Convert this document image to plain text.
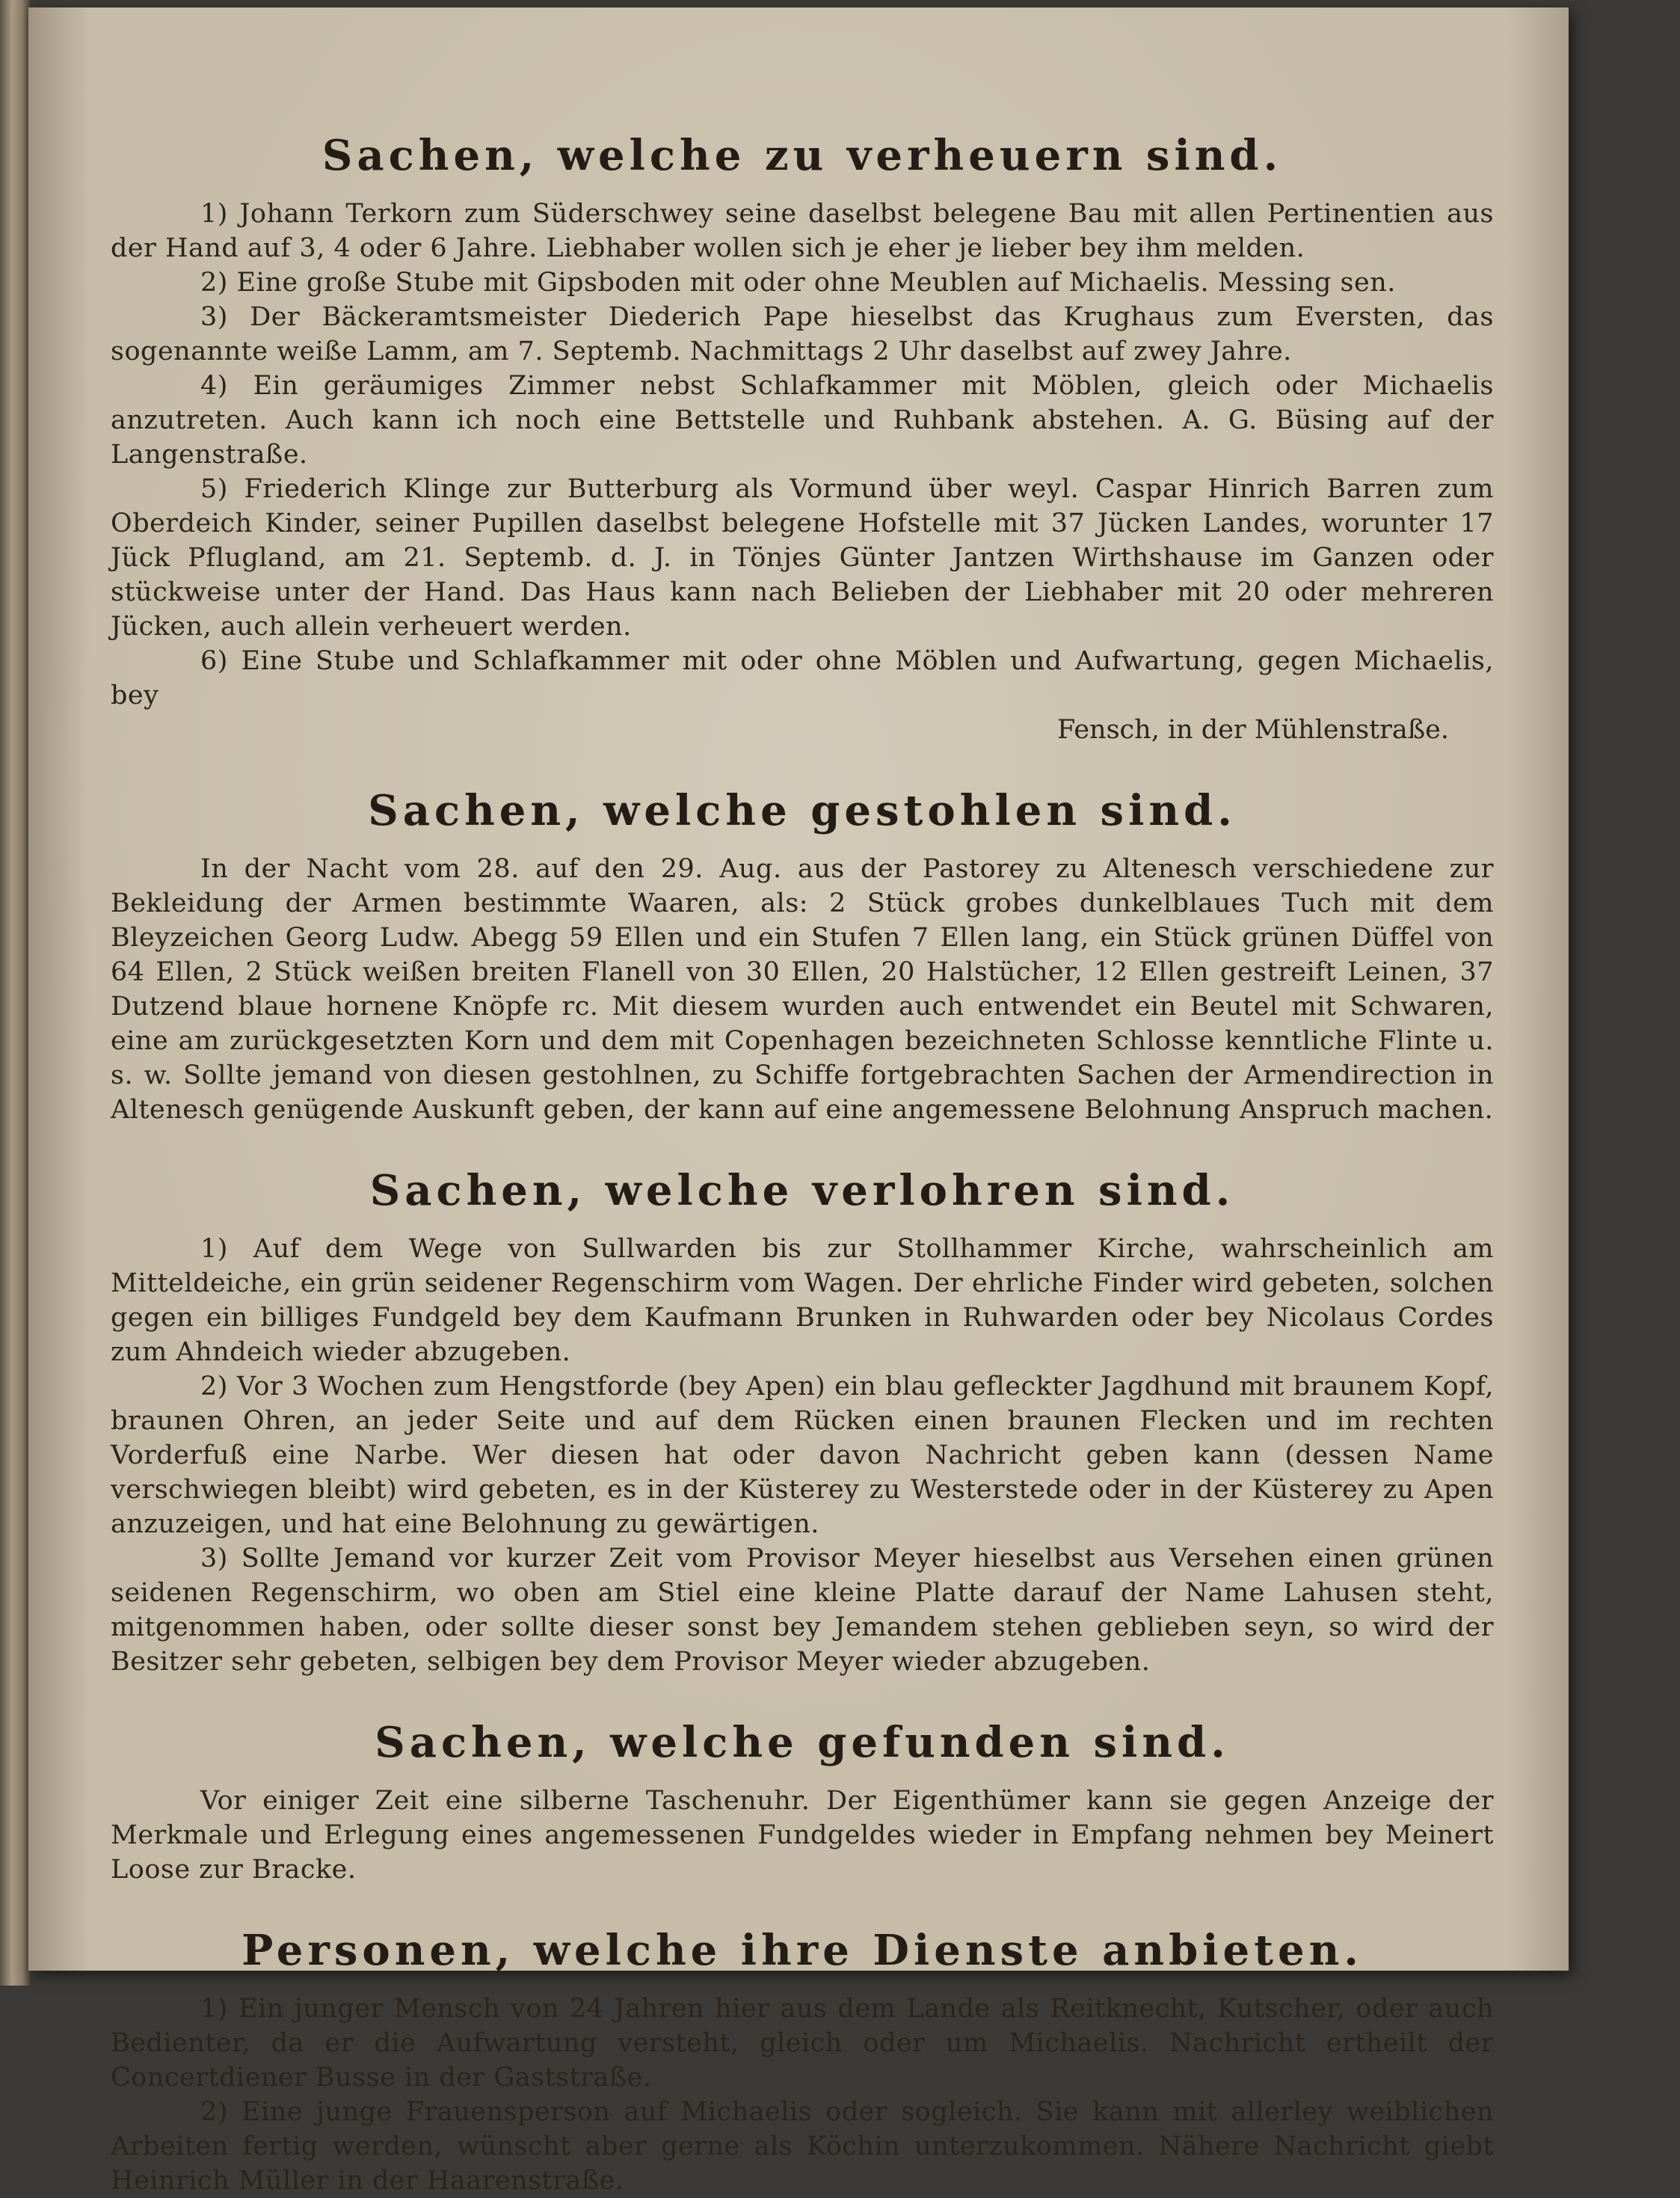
Sachen, welche zu verheuern sind.

1) Johann Terkorn zum Süderschwey seine daselbst belegene Bau mit allen Pertinentien aus der Hand auf 3, 4 oder 6 Jahre. Liebhaber wollen sich je eher je lieber bey ihm melden.

2) Eine große Stube mit Gipsboden mit oder ohne Meublen auf Michaelis. Messing sen.

3) Der Bäckeramtsmeister Diederich Pape hieselbst das Krughaus zum Eversten, das sogenannte weiße Lamm, am 7. Septemb. Nachmittags 2 Uhr daselbst auf zwey Jahre.

4) Ein geräumiges Zimmer nebst Schlafkammer mit Möblen, gleich oder Michaelis anzutreten. Auch kann ich noch eine Bettstelle und Ruhbank abstehen. A. G. Büsing auf der Langenstraße.

5) Friederich Klinge zur Butterburg als Vormund über weyl. Caspar Hinrich Barren zum Oberdeich Kinder, seiner Pupillen daselbst belegene Hofstelle mit 37 Jücken Landes, worunter 17 Jück Pflugland, am 21. Septemb. d. J. in Tönjes Günter Jantzen Wirthshause im Ganzen oder stückweise unter der Hand. Das Haus kann nach Belieben der Liebhaber mit 20 oder mehreren Jücken, auch allein verheuert werden.

6) Eine Stube und Schlafkammer mit oder ohne Möblen und Aufwartung, gegen Michaelis, bey

Fensch, in der Mühlenstraße.

Sachen, welche gestohlen sind.

In der Nacht vom 28. auf den 29. Aug. aus der Pastorey zu Altenesch verschiedene zur Bekleidung der Armen bestimmte Waaren, als: 2 Stück grobes dunkelblaues Tuch mit dem Bleyzeichen Georg Ludw. Abegg 59 Ellen und ein Stufen 7 Ellen lang, ein Stück grünen Düffel von 64 Ellen, 2 Stück weißen breiten Flanell von 30 Ellen, 20 Halstücher, 12 Ellen gestreift Leinen, 37 Dutzend blaue hornene Knöpfe rc. Mit diesem wurden auch entwendet ein Beutel mit Schwaren, eine am zurückgesetzten Korn und dem mit Copenhagen bezeichneten Schlosse kenntliche Flinte u. s. w. Sollte jemand von diesen gestohlnen, zu Schiffe fortgebrachten Sachen der Armendirection in Altenesch genügende Auskunft geben, der kann auf eine angemessene Belohnung Anspruch machen.

Sachen, welche verlohren sind.

1) Auf dem Wege von Sullwarden bis zur Stollhammer Kirche, wahrscheinlich am Mitteldeiche, ein grün seidener Regenschirm vom Wagen. Der ehrliche Finder wird gebeten, solchen gegen ein billiges Fundgeld bey dem Kaufmann Brunken in Ruhwarden oder bey Nicolaus Cordes zum Ahndeich wieder abzugeben.

2) Vor 3 Wochen zum Hengstforde (bey Apen) ein blau gefleckter Jagdhund mit braunem Kopf, braunen Ohren, an jeder Seite und auf dem Rücken einen braunen Flecken und im rechten Vorderfuß eine Narbe. Wer diesen hat oder davon Nachricht geben kann (dessen Name verschwiegen bleibt) wird gebeten, es in der Küsterey zu Westerstede oder in der Küsterey zu Apen anzuzeigen, und hat eine Belohnung zu gewärtigen.

3) Sollte Jemand vor kurzer Zeit vom Provisor Meyer hieselbst aus Versehen einen grünen seidenen Regenschirm, wo oben am Stiel eine kleine Platte darauf der Name Lahusen steht, mitgenommen haben, oder sollte dieser sonst bey Jemandem stehen geblieben seyn, so wird der Besitzer sehr gebeten, selbigen bey dem Provisor Meyer wieder abzugeben.

Sachen, welche gefunden sind.

Vor einiger Zeit eine silberne Taschenuhr. Der Eigenthümer kann sie gegen Anzeige der Merkmale und Erlegung eines angemessenen Fundgeldes wieder in Empfang nehmen bey Meinert Loose zur Bracke.

Personen, welche ihre Dienste anbieten.

1) Ein junger Mensch von 24 Jahren hier aus dem Lande als Reitknecht, Kutscher, oder auch Bedienter, da er die Aufwartung versteht, gleich oder um Michaelis. Nachricht ertheilt der Concertdiener Busse in der Gaststraße.

2) Eine junge Frauensperson auf Michaelis oder sogleich. Sie kann mit allerley weiblichen Arbeiten fertig werden, wünscht aber gerne als Köchin unterzukommen. Nähere Nachricht giebt Heinrich Müller in der Haarenstraße.
